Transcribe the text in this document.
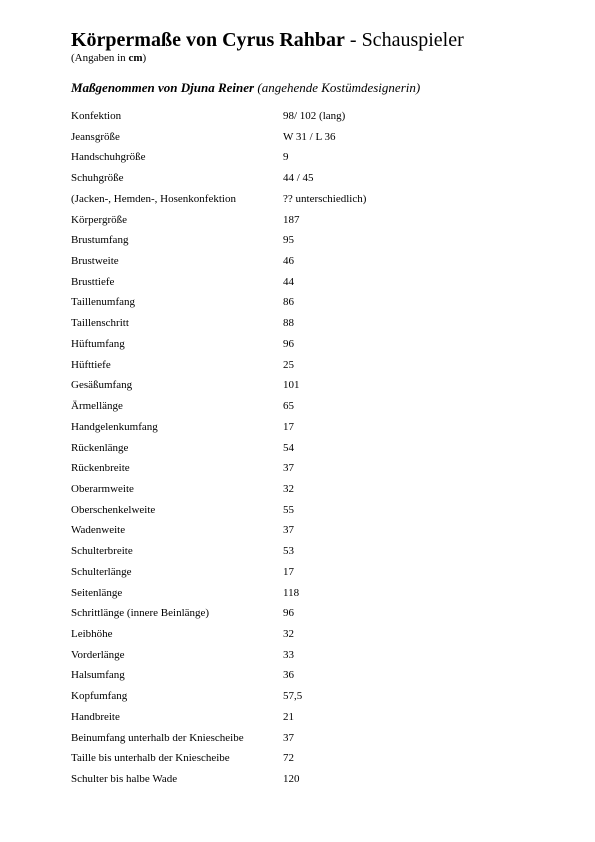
Körpermaße von Cyrus Rahbar - Schauspieler
(Angaben in cm)
Maßgenommen von Djuna Reiner (angehende Kostümdesignerin)
Konfektion	98/ 102 (lang)
Jeansgröße	W 31 / L 36
Handschuhgröße	9
Schuhgröße	44 / 45
(Jacken-, Hemden-, Hosenkonfektion	?? unterschiedlich)
Körpergröße	187
Brustumfang	95
Brustweite	46
Brusttiefe	44
Taillenumfang	86
Taillenschritt	88
Hüftumfang	96
Hüfttiefe	25
Gesäßumfang	101
Ärmellänge	65
Handgelenkumfang	17
Rückenlänge	54
Rückenbreite	37
Oberarmweite	32
Oberschenkelweite	55
Wadenweite	37
Schulterbreite	53
Schulterlänge	17
Seitenlänge	118
Schrittlänge (innere Beinlänge)	96
Leibhöhe	32
Vorderlänge	33
Halsumfang	36
Kopfumfang	57,5
Handbreite	21
Beinumfang unterhalb der Kniescheibe	37
Taille bis unterhalb der Kniescheibe	72
Schulter bis halbe Wade	120
